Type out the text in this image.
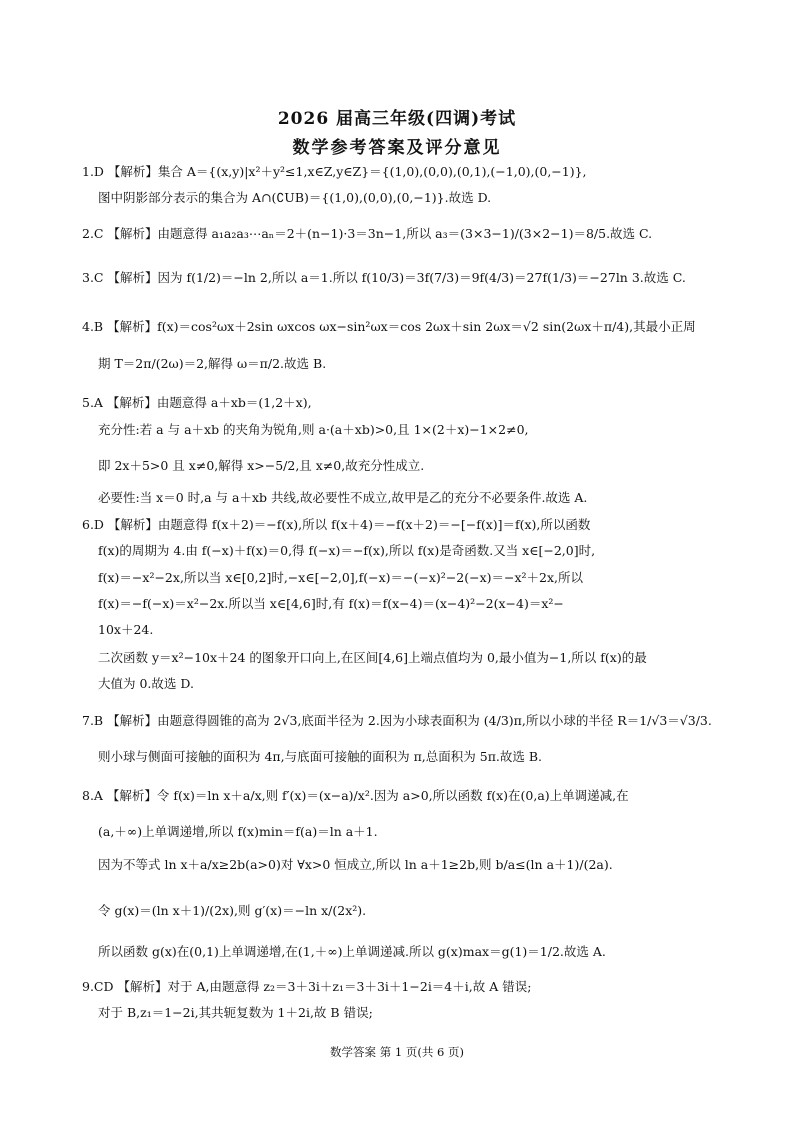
2026 届高三年级(四调)考试
数学参考答案及评分意见
1.D 【解析】集合 A＝{(x,y)|x²＋y²≤1,x∈Z,y∈Z}＝{(1,0),(0,0),(0,1),(−1,0),(0,−1)},
图中阴影部分表示的集合为 A∩(∁UB)＝{(1,0),(0,0),(0,−1)}.故选 D.
2.C 【解析】由题意得 a₁a₂a₃⋯aₙ＝2＋(n−1)·3＝3n−1,所以 a₃＝(3×3−1)/(3×2−1)＝8/5.故选 C.
3.C 【解析】因为 f(1/2)＝−ln 2,所以 a＝1.所以 f(10/3)＝3f(7/3)＝9f(4/3)＝27f(1/3)＝−27ln 3.故选 C.
4.B 【解析】f(x)＝cos²ωx＋2sin ωxcos ωx−sin²ωx＝cos 2ωx＋sin 2ωx＝√2 sin(2ωx＋π/4),其最小正周
期 T＝2π/(2ω)＝2,解得 ω＝π/2.故选 B.
5.A 【解析】由题意得 a＋xb＝(1,2＋x),
充分性:若 a 与 a＋xb 的夹角为锐角,则 a·(a＋xb)>0,且 1×(2＋x)−1×2≠0,
即 2x＋5>0 且 x≠0,解得 x>−5/2,且 x≠0,故充分性成立.
必要性:当 x＝0 时,a 与 a＋xb 共线,故必要性不成立,故甲是乙的充分不必要条件.故选 A.
6.D 【解析】由题意得 f(x＋2)＝−f(x),所以 f(x＋4)＝−f(x＋2)＝−[−f(x)]＝f(x),所以函数
f(x)的周期为 4.由 f(−x)＋f(x)＝0,得 f(−x)＝−f(x),所以 f(x)是奇函数.又当 x∈[−2,0]时,
f(x)＝−x²−2x,所以当 x∈[0,2]时,−x∈[−2,0],f(−x)＝−(−x)²−2(−x)＝−x²＋2x,所以
f(x)＝−f(−x)＝x²−2x.所以当 x∈[4,6]时,有 f(x)＝f(x−4)＝(x−4)²−2(x−4)＝x²−
10x＋24.
二次函数 y＝x²−10x＋24 的图象开口向上,在区间[4,6]上端点值均为 0,最小值为−1,所以 f(x)的最
大值为 0.故选 D.
7.B 【解析】由题意得圆锥的高为 2√3,底面半径为 2.因为小球表面积为 (4/3)π,所以小球的半径 R＝1/√3＝√3/3.
则小球与侧面可接触的面积为 4π,与底面可接触的面积为 π,总面积为 5π.故选 B.
8.A 【解析】令 f(x)＝ln x＋a/x,则 f′(x)＝(x−a)/x².因为 a>0,所以函数 f(x)在(0,a)上单调递减,在
(a,＋∞)上单调递增,所以 f(x)min＝f(a)＝ln a＋1.
因为不等式 ln x＋a/x≥2b(a>0)对 ∀x>0 恒成立,所以 ln a＋1≥2b,则 b/a≤(ln a＋1)/(2a).
令 g(x)＝(ln x＋1)/(2x),则 g′(x)＝−ln x/(2x²).
所以函数 g(x)在(0,1)上单调递增,在(1,＋∞)上单调递减.所以 g(x)max＝g(1)＝1/2.故选 A.
9.CD 【解析】对于 A,由题意得 z₂＝3＋3i＋z₁＝3＋3i＋1−2i＝4＋i,故 A 错误;
对于 B,z₁＝1−2i,其共轭复数为 1＋2i,故 B 错误;
数学答案 第 1 页(共 6 页)
